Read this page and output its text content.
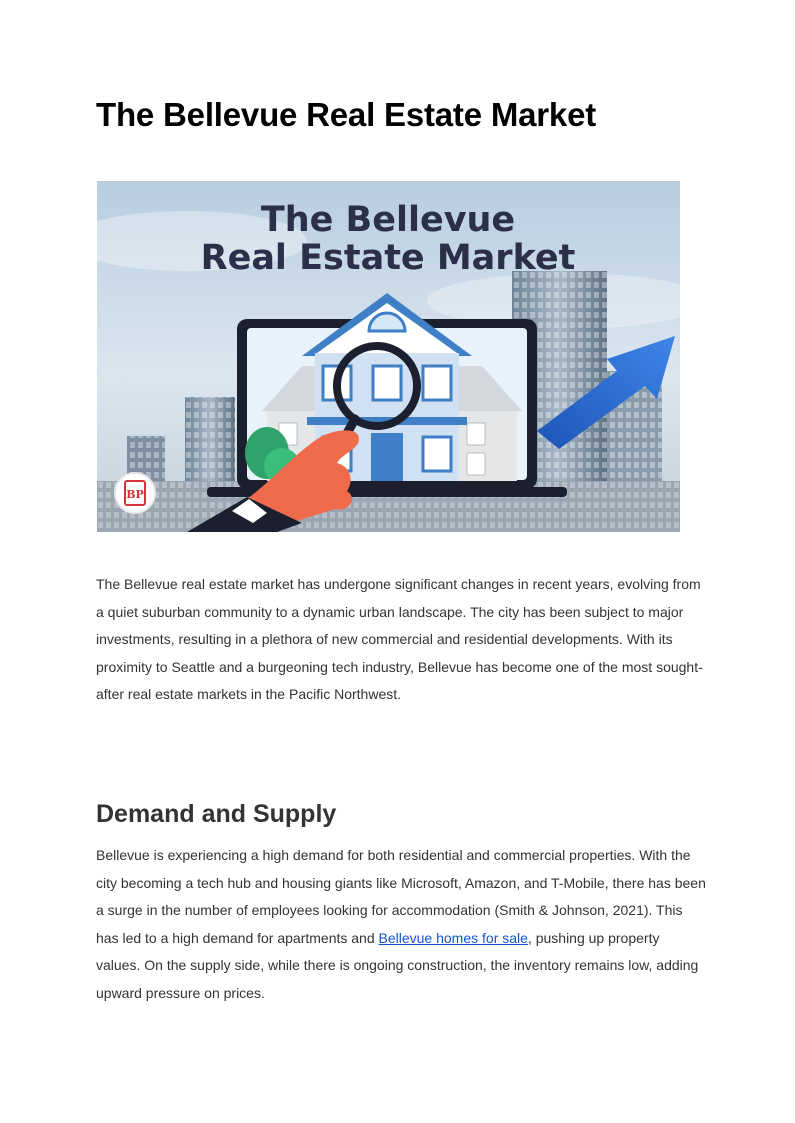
The Bellevue Real Estate Market
The Bellevue
Real Estate Market
BP

The Bellevue real estate market has undergone significant changes in recent years, evolving from a quiet suburban community to a dynamic urban landscape. The city has been subject to major investments, resulting in a plethora of new commercial and residential developments. With its proximity to Seattle and a burgeoning tech industry, Bellevue has become one of the most sought-after real estate markets in the Pacific Northwest.

Demand and Supply

Bellevue is experiencing a high demand for both residential and commercial properties. With the city becoming a tech hub and housing giants like Microsoft, Amazon, and T-Mobile, there has been a surge in the number of employees looking for accommodation (Smith & Johnson, 2021). This has led to a high demand for apartments and Bellevue homes for sale, pushing up property values. On the supply side, while there is ongoing construction, the inventory remains low, adding upward pressure on prices.
